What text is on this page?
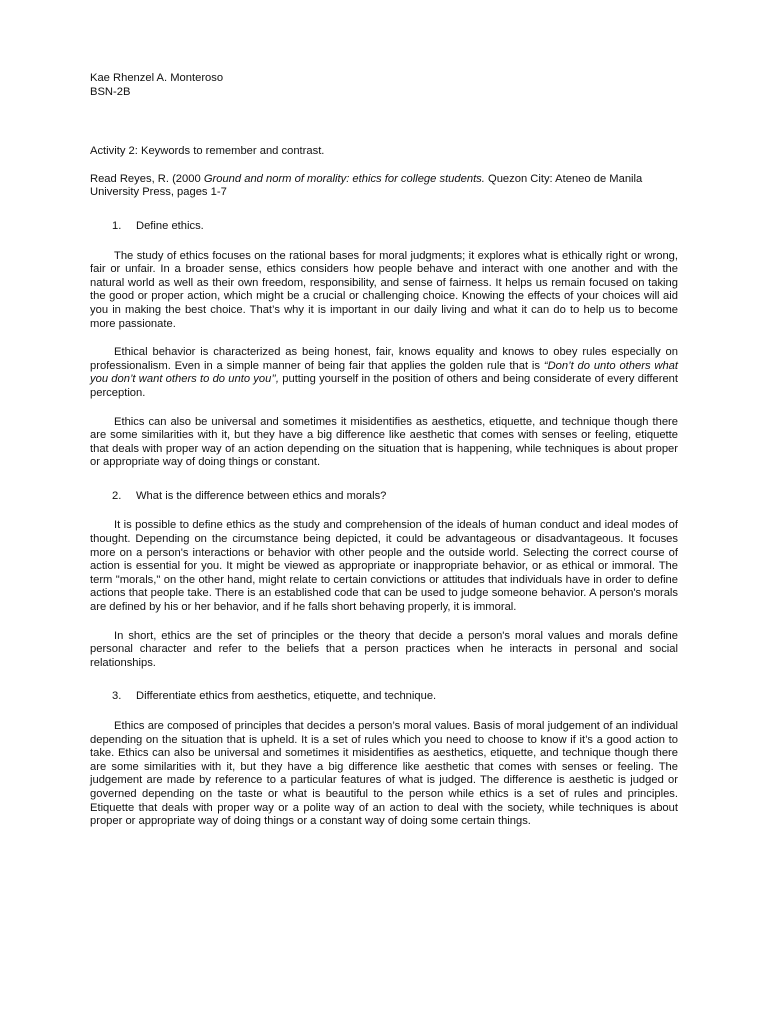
Kae Rhenzel A. Monteroso
BSN-2B
Activity 2: Keywords to remember and contrast.
Read Reyes, R. (2000 Ground and norm of morality: ethics for college students. Quezon City: Ateneo de Manila University Press, pages 1-7
1.	Define ethics.

The study of ethics focuses on the rational bases for moral judgments; it explores what is ethically right or wrong, fair or unfair. In a broader sense, ethics considers how people behave and interact with one another and with the natural world as well as their own freedom, responsibility, and sense of fairness. It helps us remain focused on taking the good or proper action, which might be a crucial or challenging choice. Knowing the effects of your choices will aid you in making the best choice. That’s why it is important in our daily living and what it can do to help us to become more passionate.

Ethical behavior is characterized as being honest, fair, knows equality and knows to obey rules especially on professionalism. Even in a simple manner of being fair that applies the golden rule that is “Don’t do unto others what you don’t want others to do unto you’’, putting yourself in the position of others and being considerate of every different perception.

Ethics can also be universal and sometimes it misidentifies as aesthetics, etiquette, and technique though there are some similarities with it, but they have a big difference like aesthetic that comes with senses or feeling, etiquette that deals with proper way of an action depending on the situation that is happening, while techniques is about proper or appropriate way of doing things or constant.

2.	What is the difference between ethics and morals?

It is possible to define ethics as the study and comprehension of the ideals of human conduct and ideal modes of thought. Depending on the circumstance being depicted, it could be advantageous or disadvantageous. It focuses more on a person's interactions or behavior with other people and the outside world. Selecting the correct course of action is essential for you. It might be viewed as appropriate or inappropriate behavior, or as ethical or immoral. The term "morals," on the other hand, might relate to certain convictions or attitudes that individuals have in order to define actions that people take. There is an established code that can be used to judge someone behavior. A person's morals are defined by his or her behavior, and if he falls short behaving properly, it is immoral.

In short, ethics are the set of principles or the theory that decide a person's moral values and morals define personal character and refer to the beliefs that a person practices when he interacts in personal and social relationships.

3.	Differentiate ethics from aesthetics, etiquette, and technique.

Ethics are composed of principles that decides a person’s moral values. Basis of moral judgement of an individual depending on the situation that is upheld. It is a set of rules which you need to choose to know if it’s a good action to take. Ethics can also be universal and sometimes it misidentifies as aesthetics, etiquette, and technique though there are some similarities with it, but they have a big difference like aesthetic that comes with senses or feeling. The judgement are made by reference to a particular features of what is judged. The difference is aesthetic is judged or governed depending on the taste or what is beautiful to the person while ethics is a set of rules and principles. Etiquette that deals with proper way or a polite way of an action to deal with the society, while techniques is about proper or appropriate way of doing things or a constant way of doing some certain things.
